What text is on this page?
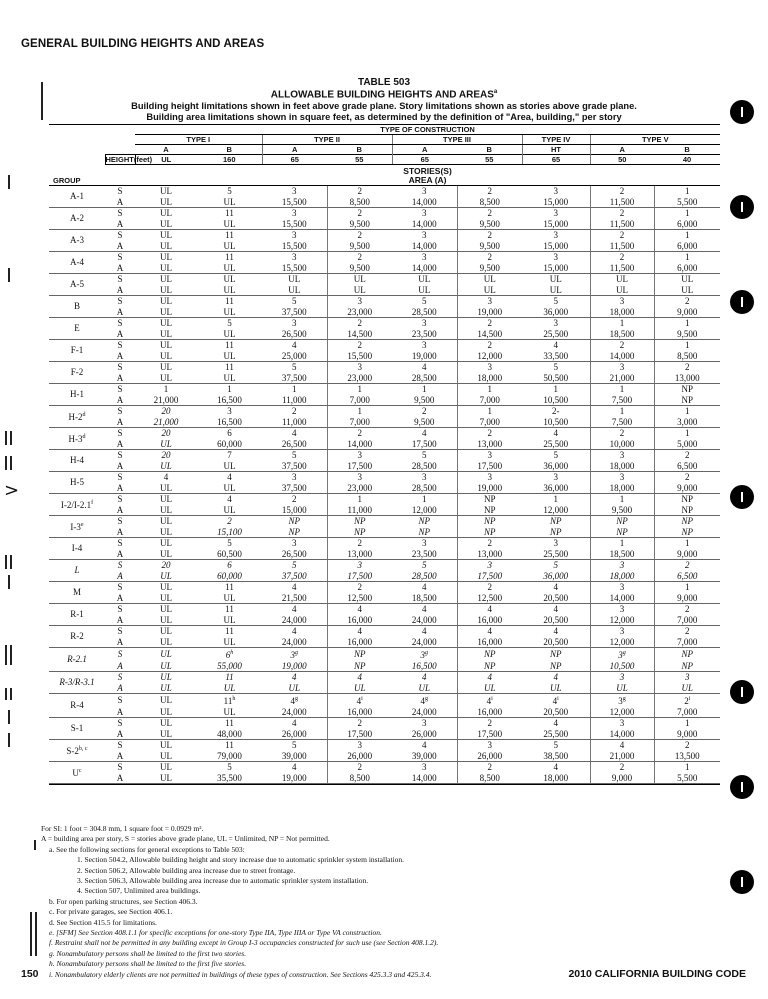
GENERAL BUILDING HEIGHTS AND AREAS
TABLE 503
ALLOWABLE BUILDING HEIGHTS AND AREAS$^a$
Building height limitations shown in feet above grade plane. Story limitations shown as stories above grade plane.
Building area limitations shown in square feet, as determined by the definition of "Area, building," per story
		TYPE OF CONSTRUCTION								
		TYPE I		TYPE II		TYPE III		TYPE IV	TYPE V	
		A	B	A	B	A	B	HT	A	B
	HEIGHT(feet)	UL	160	65	55	65	55	65	50	40
		STORIES(S)								
GROUP		AREA (A)								
A-1	S	UL	5	3	2	3	2	3	2	1
	A	UL	UL	15,500	8,500	14,000	8,500	15,000	11,500	5,500
A-2	S	UL	11	3	2	3	2	3	2	1
	A	UL	UL	15,500	9,500	14,000	9,500	15,000	11,500	6,000
A-3	S	UL	11	3	2	3	2	3	2	1
	A	UL	UL	15,500	9,500	14,000	9,500	15,000	11,500	6,000
A-4	S	UL	11	3	2	3	2	3	2	1
	A	UL	UL	15,500	9,500	14,000	9,500	15,000	11,500	6,000
A-5	S	UL	UL	UL	UL	UL	UL	UL	UL	UL
	A	UL	UL	UL	UL	UL	UL	UL	UL	UL
B	S	UL	11	5	3	5	3	5	3	2
	A	UL	UL	37,500	23,000	28,500	19,000	36,000	18,000	9,000
E	S	UL	5	3	2	3	2	3	1	1
	A	UL	UL	26,500	14,500	23,500	14,500	25,500	18,500	9,500
F-1	S	UL	11	4	2	3	2	4	2	1
	A	UL	UL	25,000	15,500	19,000	12,000	33,500	14,000	8,500
F-2	S	UL	11	5	3	4	3	5	3	2
	A	UL	UL	37,500	23,000	28,500	18,000	50,500	21,000	13,000
H-1	S	1	1	1	1	1	1	1	1	NP
	A	21,000	16,500	11,000	7,000	9,500	7,000	10,500	7,500	NP
H-2$^d$	S	20	3	2	1	2	1	2-	1	1
	A	21,000	16,500	11,000	7,000	9,500	7,000	10,500	7,500	3,000
H-3$^d$	S	20	6	4	2	4	2	4	2	1
	A	UL	60,000	26,500	14,000	17,500	13,000	25,500	10,000	5,000
H-4	S	20	7	5	3	5	3	5	3	2
	A	UL	UL	37,500	17,500	28,500	17,500	36,000	18,000	6,500
H-5	S	4	4	3	3	3	3	3	3	2
	A	UL	UL	37,500	23,000	28,500	19,000	36,000	18,000	9,000
I-2/I-2.1$^f$	S	UL	4	2	1	1	NP	1	1	NP
	A	UL	UL	15,000	11,000	12,000	NP	12,000	9,500	NP
I-3e	S	UL	2	NP	NP	NP	NP	NP	NP	NP
	A	UL	15,100	NP	NP	NP	NP	NP	NP	NP
I-4	S	UL	5	3	2	3	2	3	1	1
	A	UL	60,500	26,500	13,000	23,500	13,000	25,500	18,500	9,000
L	S	20	6	5	3	5	3	5	3	2
	A	UL	60,000	37,500	17,500	28,500	17,500	36,000	18,000	6,500
M	S	UL	11	4	2	4	2	4	3	1
	A	UL	UL	21,500	12,500	18,500	12,500	20,500	14,000	9,000
R-1	S	UL	11	4	4	4	4	4	3	2
	A	UL	UL	24,000	16,000	24,000	16,000	20,500	12,000	7,000
R-2	S	UL	11	4	4	4	4	4	3	2
	A	UL	UL	24,000	16,000	24,000	16,000	20,500	12,000	7,000
R-2.1	S	UL	6$^h$	3$^g$	NP	3$^g$	NP	NP	3$^g$	NP
	A	UL	55,000	19,000	NP	16,500	NP	NP	10,500	NP
R-3/R-3.1	S	UL	11	4	4	4	4	4	3	3
	A	UL	UL	UL	UL	UL	UL	UL	UL	UL
R-4	S	UL	11$^h$	4$^g$	4$^i$	4$^g$	4$^i$	4$^i$	3$^g$	2$^i$
	A	UL	UL	24,000	16,000	24,000	16,000	20,500	12,000	7,000
S-1	S	UL	11	4	2	3	2	4	3	1
	A	UL	48,000	26,000	17,500	26,000	17,500	25,500	14,000	9,000
S-2$^{b, c}$	S	UL	11	5	3	4	3	5	4	2
	A	UL	79,000	39,000	26,000	39,000	26,000	38,500	21,000	13,500
$U^c$	S	UL	5	4	2	3	2	4	2	1
	A	UL	35,500	19,000	8,500	14,000	8,500	18,000	9,000	5,500
For SI: 1 foot = 304.8 mm, 1 square foot = 0.0929 m².
A = building area per story, S = stories above grade plane, UL = Unlimited, NP = Not permitted.
a. See the following sections for general exceptions to Table 503:
1. Section 504.2, Allowable building height and story increase due to automatic sprinkler system installation.
2. Section 506.2, Allowable building area increase due to street frontage.
3. Section 506.3, Allowable building area increase due to automatic sprinkler system installation.
4. Section 507, Unlimited area buildings.
b. For open parking structures, see Section 406.3.
c. For private garages, see Section 406.1.
d. See Section 415.5 for limitations.
e. [SFM] See Section 408.1.1 for specific exceptions for one-story Type IIA, Type IIIA or Type VA construction.
f. Restraint shall not be permitted in any building except in Group I-3 occupancies constructed for such use (see Section 408.1.2).
g. Nonambulatory persons shall be limited to the first two stories.
h. Nonambulatory persons shall be limited to the first five stories.
i. Nonambulatory elderly clients are not permitted in buildings of these types of construction. See Sections 425.3.3 and 425.3.4.
150	2010 CALIFORNIA BUILDING CODE
>
